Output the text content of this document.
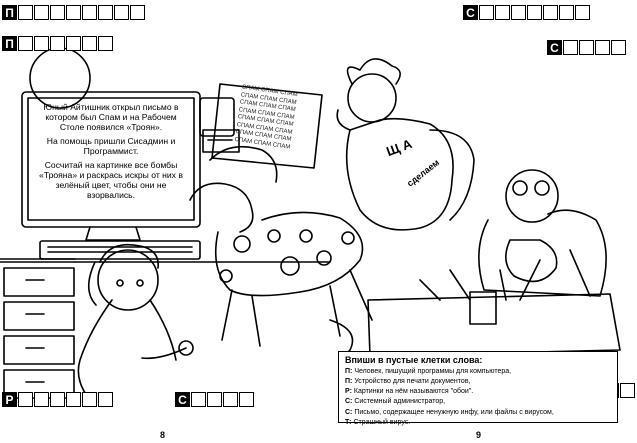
П
П
С
С
Р	С

Юный Айтишник открыл письмо в котором был Спам и на Рабочем Столе появился «Троян».

На помощь пришли Сисадмин и Программист.

Сосчитай на картинке все бомбы «Трояна» и раскрась искры от них в зелёный цвет, чтобы они не взорвались.

СПАМ СПАМ СПАМ
СПАМ СПАМ СПАМ
СПАМ СПАМ СПАМ
СПАМ СПАМ СПАМ
СПАМ СПАМ СПАМ
СПАМ СПАМ СПАМ
СПАМ СПАМ СПАМ
СПАМ СПАМ СПАМ	Щ А
сделаем
Впиши в пустые клетки слова:
П: Человек, пишущий программы для компьютера,
П: Устройство для печати документов,
Р: Картинки на нём называются "обои".
С: Системный администратор,
С: Письмо, содержащее ненужную инфу, или файлы с вирусом,
Т: Страшный вирус.
8	9
